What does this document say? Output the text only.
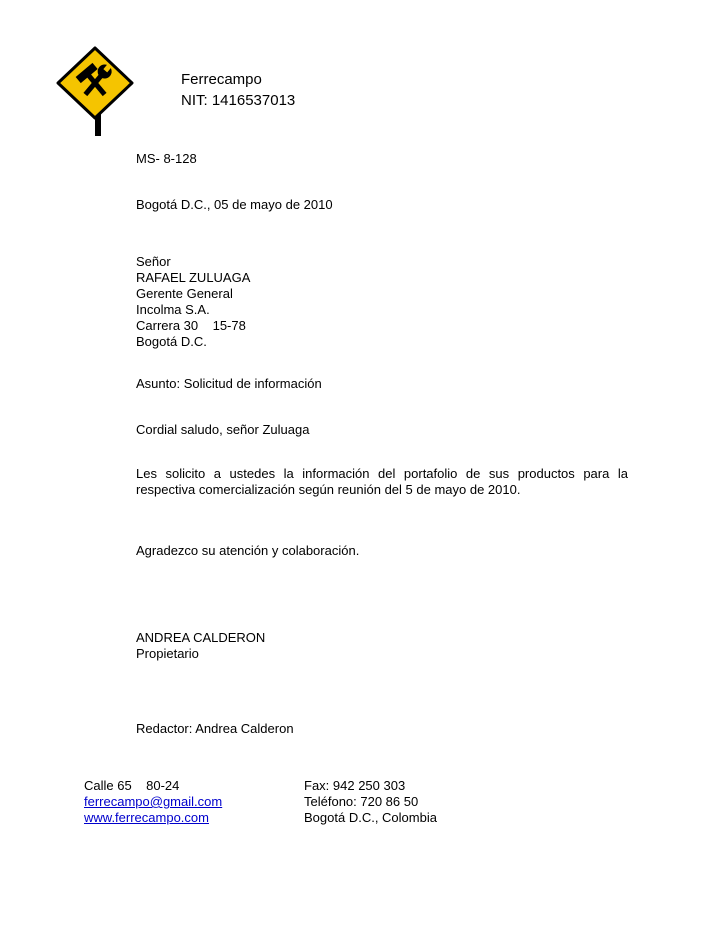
Ferrecampo
NIT: 1416537013
MS- 8-128
Bogotá D.C., 05 de mayo de 2010
Señor
RAFAEL ZULUAGA
Gerente General
Incolma S.A.
Carrera 30    15-78
Bogotá D.C.
Asunto: Solicitud de información
Cordial saludo, señor Zuluaga
Les solicito a ustedes la información del portafolio de sus productos para la respectiva comercialización según reunión del 5 de mayo de 2010.
Agradezco su atención y colaboración.
ANDREA CALDERON
Propietario
Redactor: Andrea Calderon
Calle 65    80-24
ferrecampo@gmail.com
www.ferrecampo.com
Fax: 942 250 303
Teléfono: 720 86 50
Bogotá D.C., Colombia
